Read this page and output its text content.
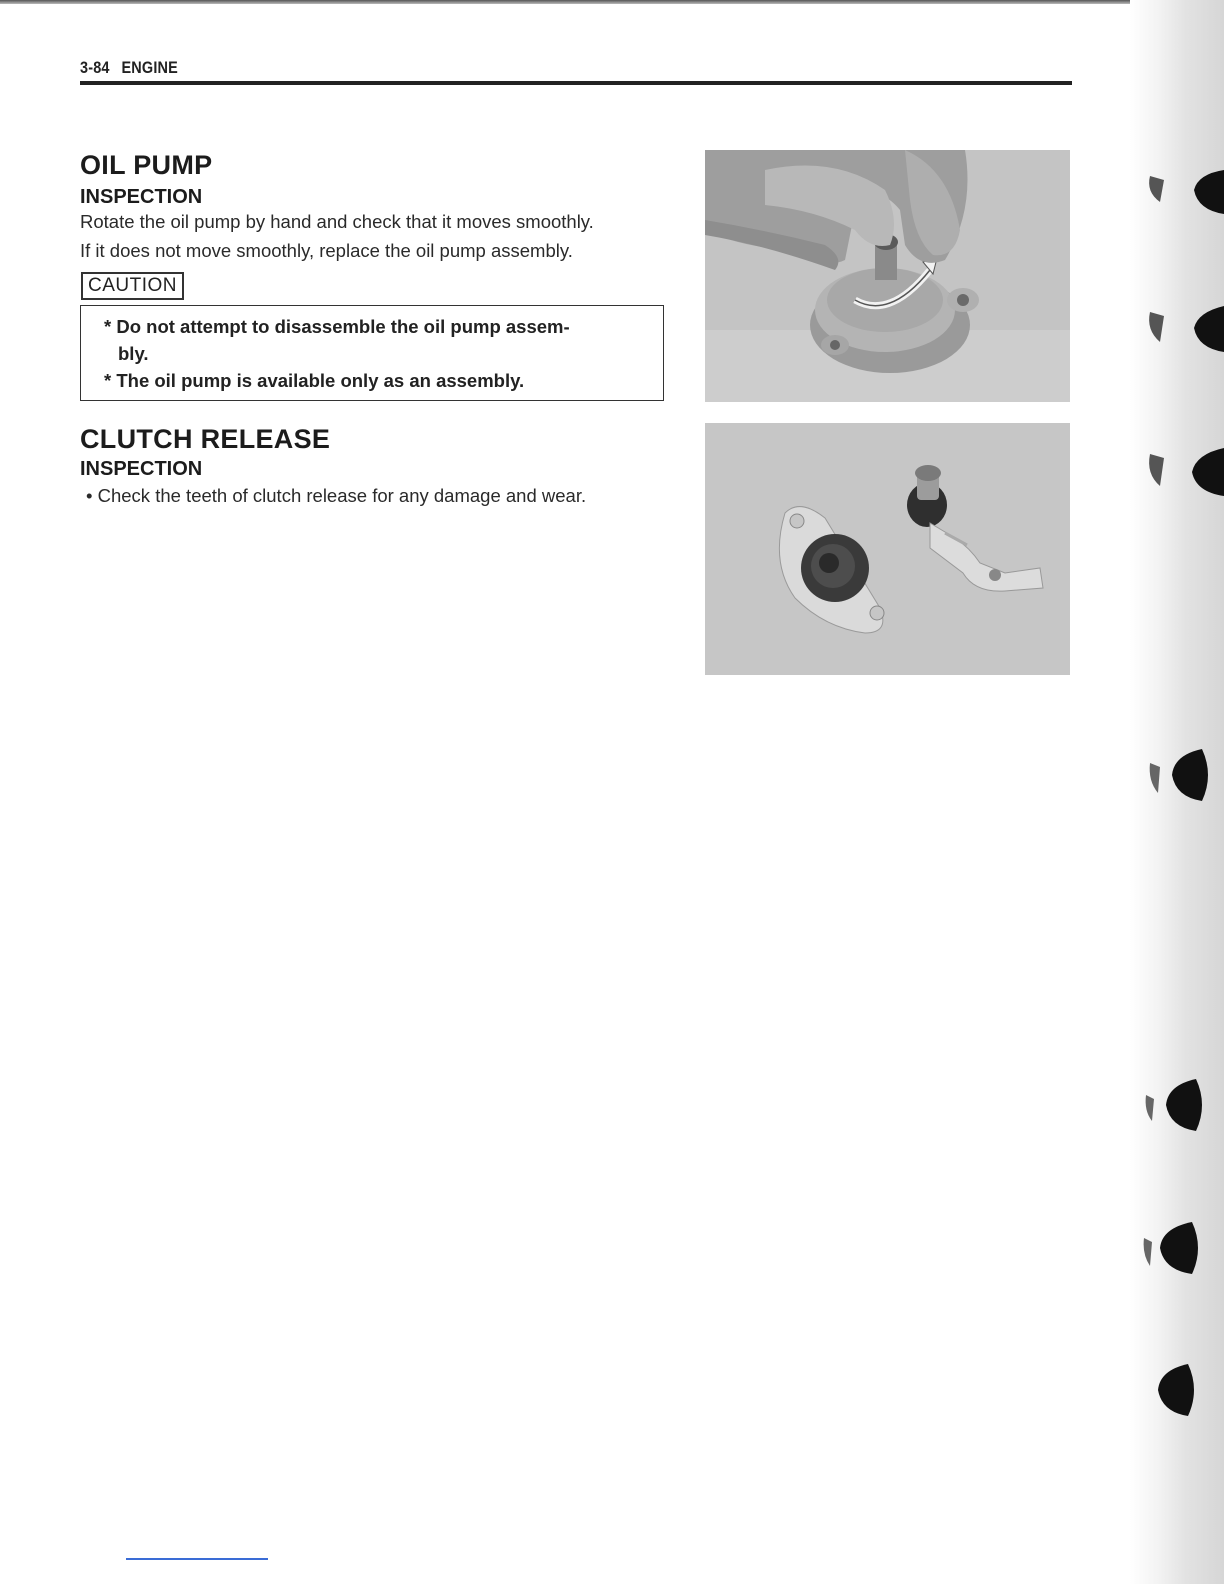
3-84 ENGINE
OIL PUMP
INSPECTION
Rotate the oil pump by hand and check that it moves smoothly.
If it does not move smoothly, replace the oil pump assembly.
CAUTION
* Do not attempt to disassemble the oil pump assem-
bly.
* The oil pump is available only as an assembly.
CLUTCH RELEASE
INSPECTION
• Check the teeth of clutch release for any damage and wear.
